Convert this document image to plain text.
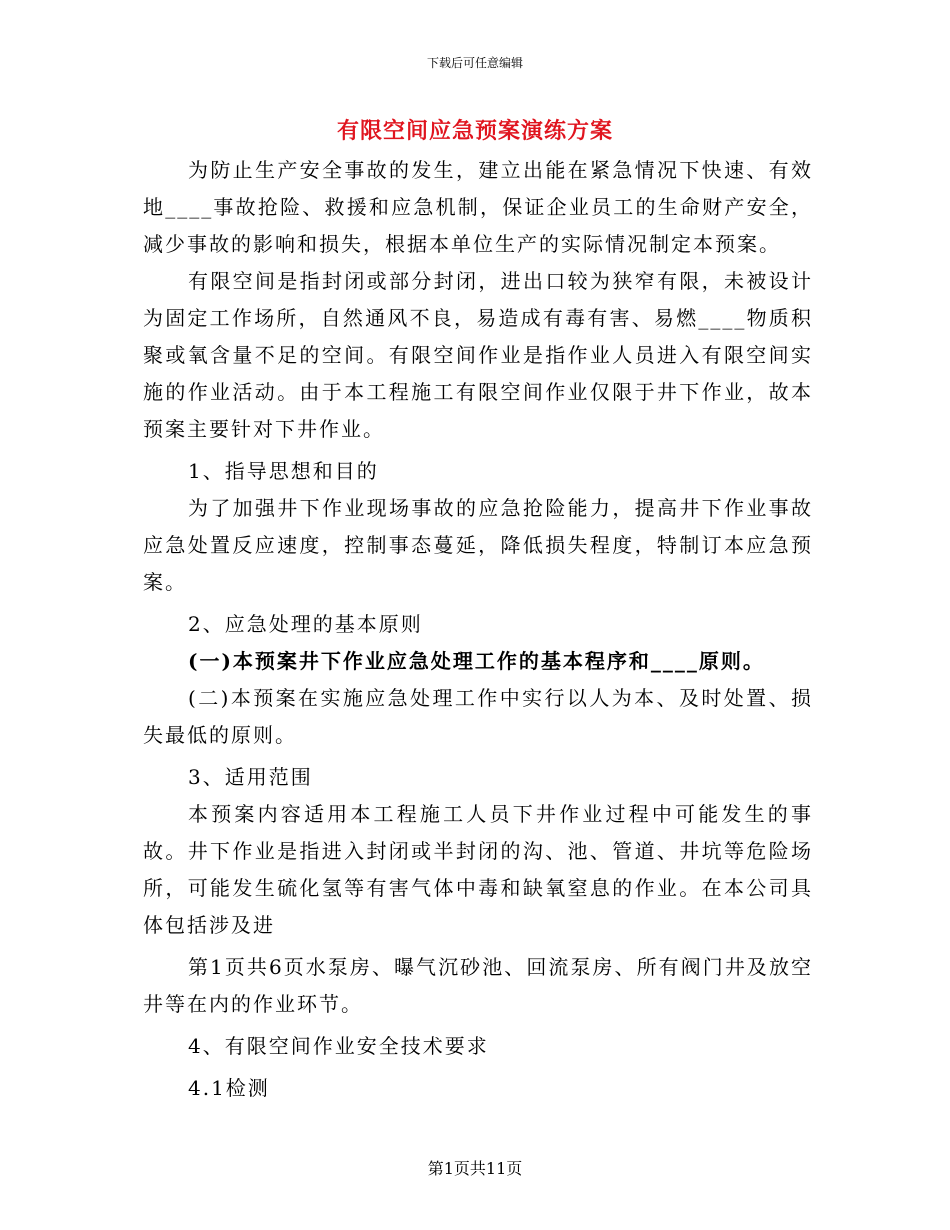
下载后可任意编辑
有限空间应急预案演练方案

为防止生产安全事故的发生，建立出能在紧急情况下快速、有效地____事故抢险、救援和应急机制，保证企业员工的生命财产安全，减少事故的影响和损失，根据本单位生产的实际情况制定本预案。

有限空间是指封闭或部分封闭，进出口较为狭窄有限，未被设计为固定工作场所，自然通风不良，易造成有毒有害、易燃____物质积聚或氧含量不足的空间。有限空间作业是指作业人员进入有限空间实施的作业活动。由于本工程施工有限空间作业仅限于井下作业，故本预案主要针对下井作业。

1、指导思想和目的

为了加强井下作业现场事故的应急抢险能力，提高井下作业事故应急处置反应速度，控制事态蔓延，降低损失程度，特制订本应急预案。

2、应急处理的基本原则

(一)本预案井下作业应急处理工作的基本程序和____原则。

(二)本预案在实施应急处理工作中实行以人为本、及时处置、损失最低的原则。

3、适用范围

本预案内容适用本工程施工人员下井作业过程中可能发生的事故。井下作业是指进入封闭或半封闭的沟、池、管道、井坑等危险场所，可能发生硫化氢等有害气体中毒和缺氧窒息的作业。在本公司具体包括涉及进

第1页共6页水泵房、曝气沉砂池、回流泵房、所有阀门井及放空井等在内的作业环节。

4、有限空间作业安全技术要求

4.1检测

第1页共11页
